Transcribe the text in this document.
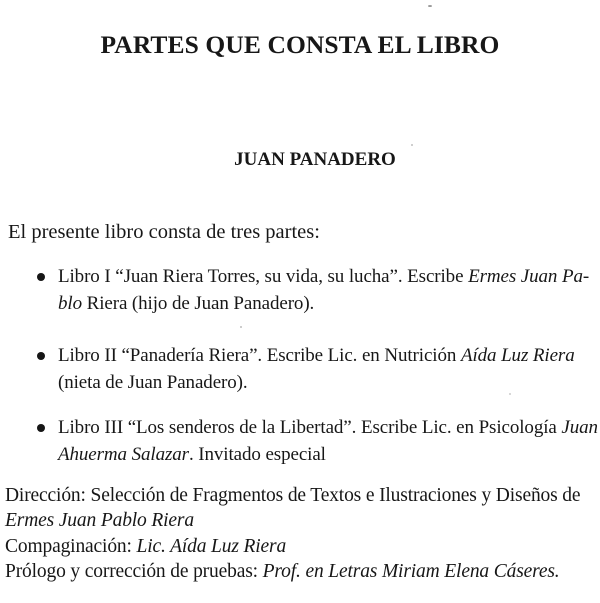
PARTES QUE CONSTA EL LIBRO
JUAN PANADERO

El presente libro consta de tres partes:

Libro I “Juan Riera Torres, su vida, su lucha”. Escribe Ermes Juan Pa-
blo Riera (hijo de Juan Panadero).
Libro II “Panadería Riera”. Escribe Lic. en Nutrición Aída Luz Riera
(nieta de Juan Panadero).
Libro III “Los senderos de la Libertad”. Escribe Lic. en Psicología Juan
Ahuerma Salazar. Invitado especial
Dirección: Selección de Fragmentos de Textos e Ilustraciones y Diseños de
Ermes Juan Pablo Riera
Compaginación: Lic. Aída Luz Riera
Prólogo y corrección de pruebas: Prof. en Letras Miriam Elena Cáseres.
